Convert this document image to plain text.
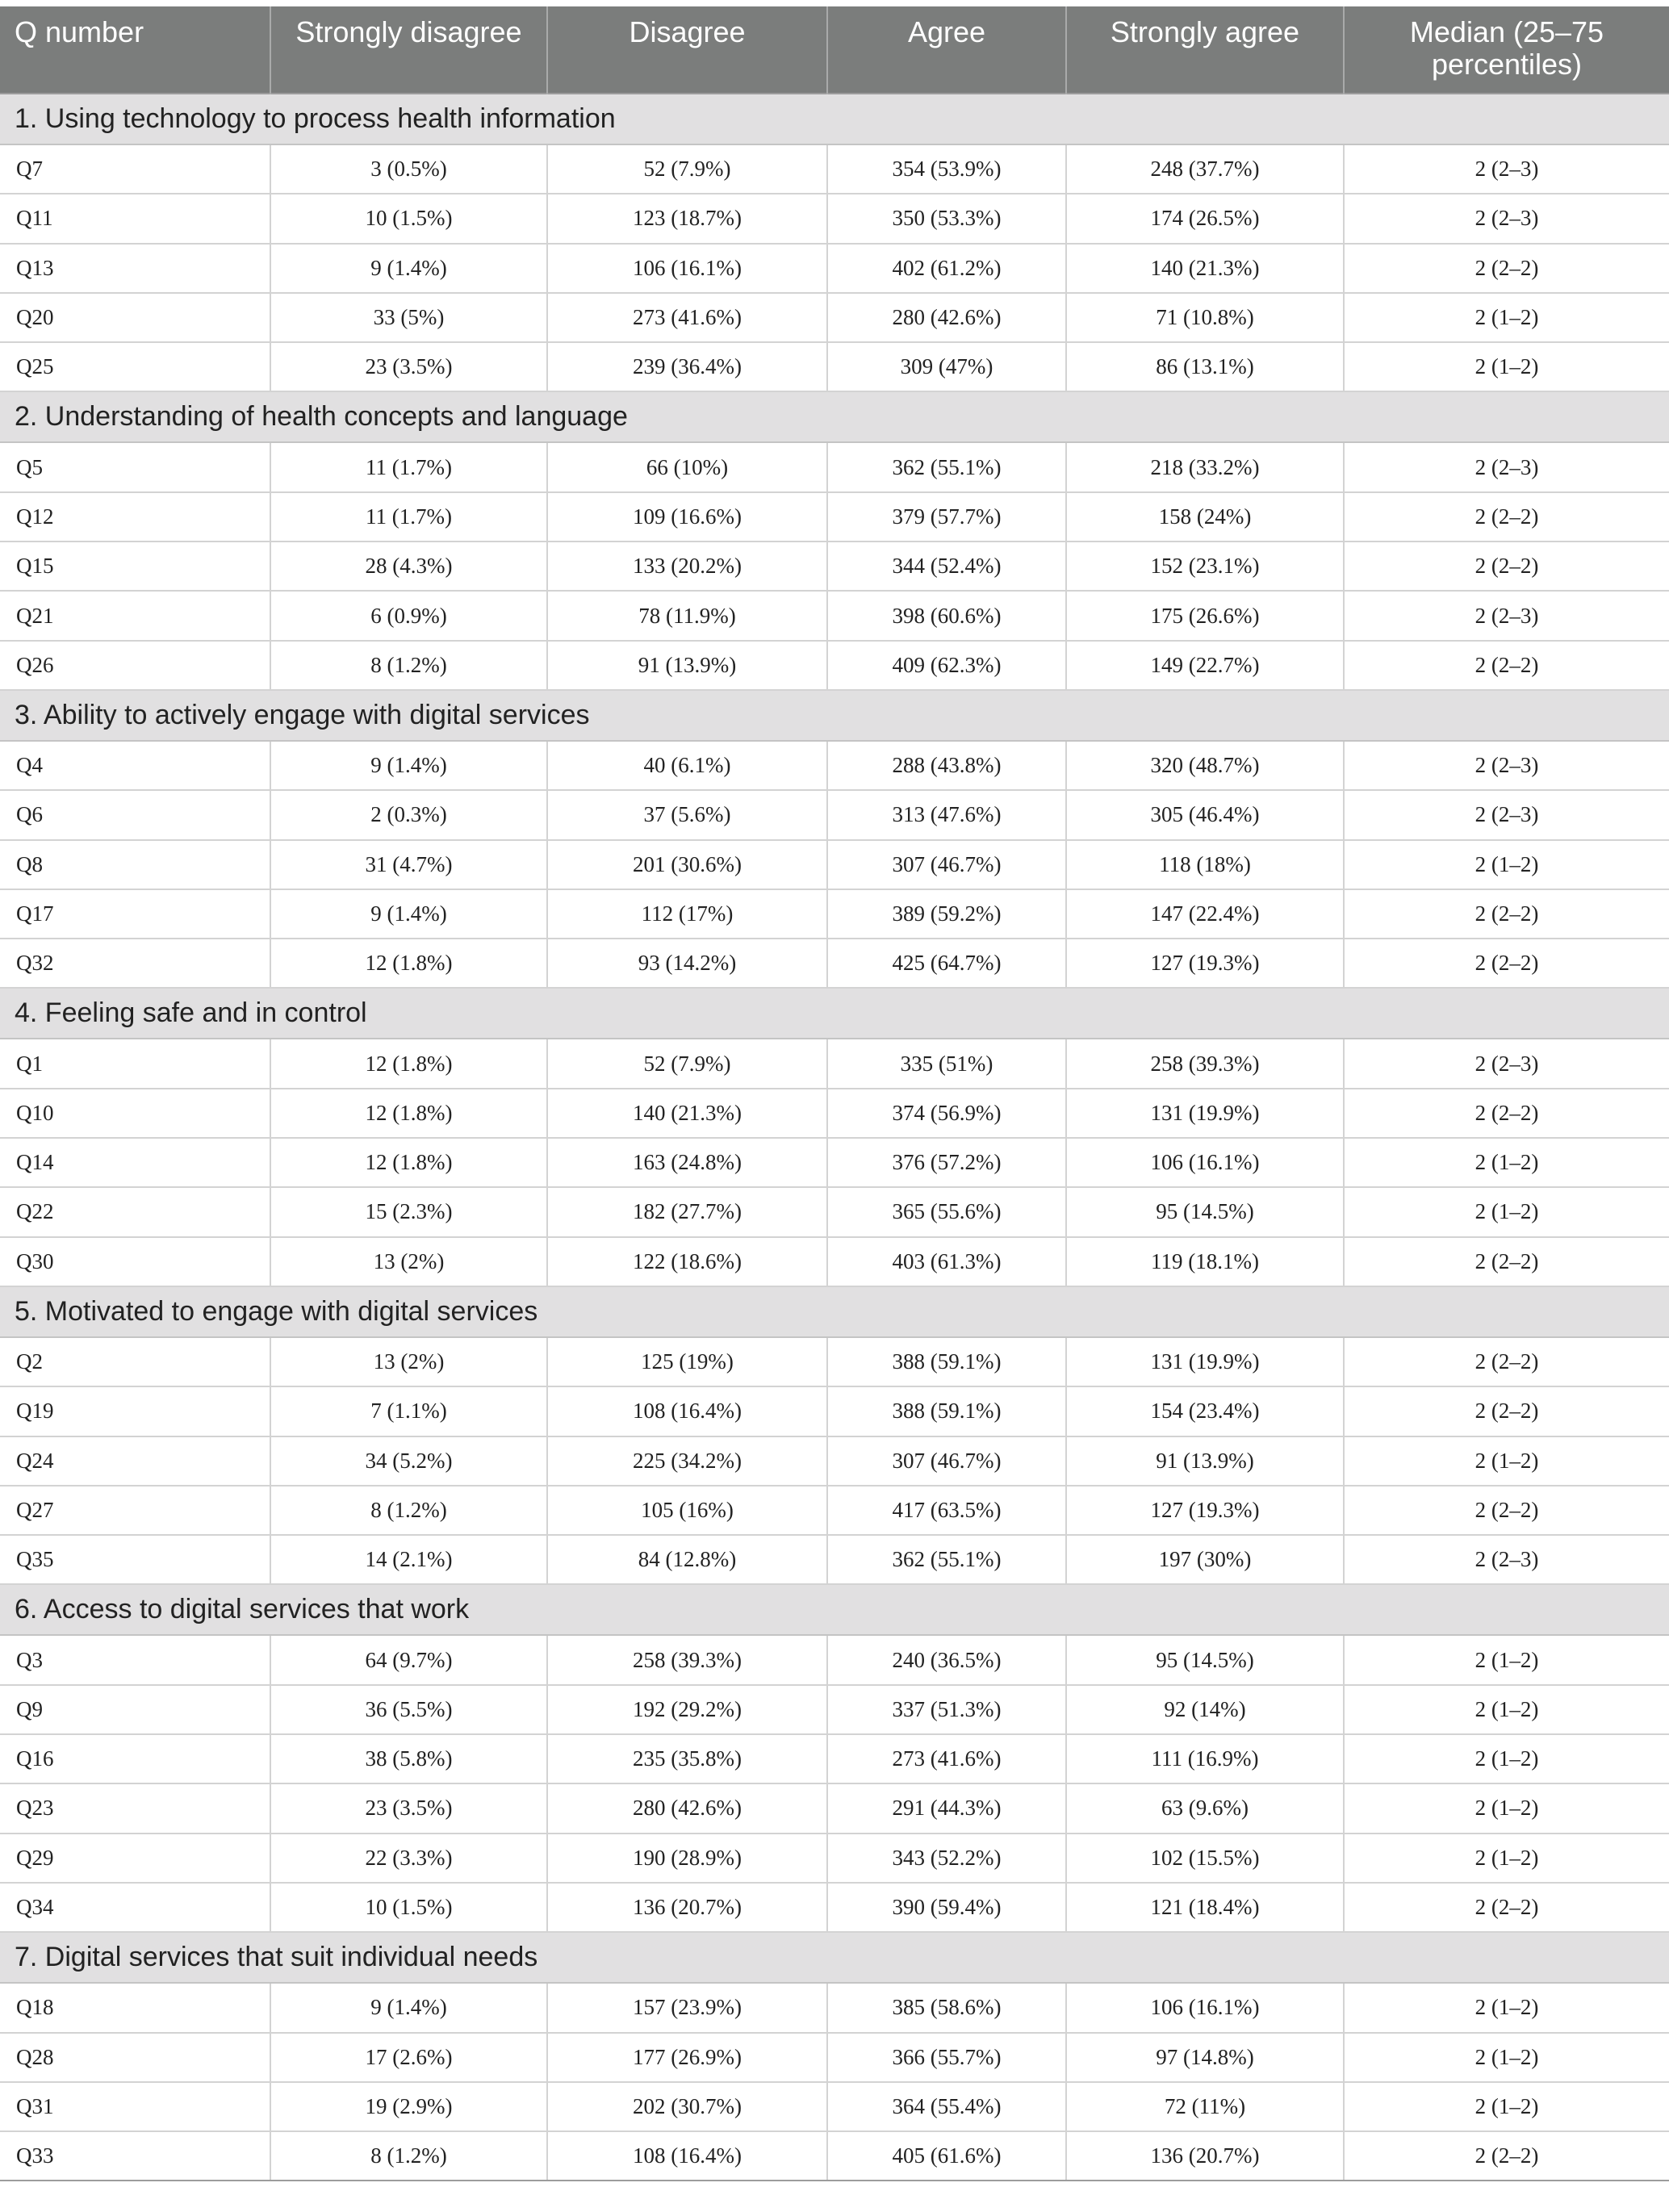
Q number	Strongly disagree	Disagree	Agree	Strongly agree	Median (25–75 percentiles)
1. Using technology to process health information					
Q7	3 (0.5%)	52 (7.9%)	354 (53.9%)	248 (37.7%)	2 (2–3)
Q11	10 (1.5%)	123 (18.7%)	350 (53.3%)	174 (26.5%)	2 (2–3)
Q13	9 (1.4%)	106 (16.1%)	402 (61.2%)	140 (21.3%)	2 (2–2)
Q20	33 (5%)	273 (41.6%)	280 (42.6%)	71 (10.8%)	2 (1–2)
Q25	23 (3.5%)	239 (36.4%)	309 (47%)	86 (13.1%)	2 (1–2)
2. Understanding of health concepts and language					
Q5	11 (1.7%)	66 (10%)	362 (55.1%)	218 (33.2%)	2 (2–3)
Q12	11 (1.7%)	109 (16.6%)	379 (57.7%)	158 (24%)	2 (2–2)
Q15	28 (4.3%)	133 (20.2%)	344 (52.4%)	152 (23.1%)	2 (2–2)
Q21	6 (0.9%)	78 (11.9%)	398 (60.6%)	175 (26.6%)	2 (2–3)
Q26	8 (1.2%)	91 (13.9%)	409 (62.3%)	149 (22.7%)	2 (2–2)
3. Ability to actively engage with digital services					
Q4	9 (1.4%)	40 (6.1%)	288 (43.8%)	320 (48.7%)	2 (2–3)
Q6	2 (0.3%)	37 (5.6%)	313 (47.6%)	305 (46.4%)	2 (2–3)
Q8	31 (4.7%)	201 (30.6%)	307 (46.7%)	118 (18%)	2 (1–2)
Q17	9 (1.4%)	112 (17%)	389 (59.2%)	147 (22.4%)	2 (2–2)
Q32	12 (1.8%)	93 (14.2%)	425 (64.7%)	127 (19.3%)	2 (2–2)
4. Feeling safe and in control					
Q1	12 (1.8%)	52 (7.9%)	335 (51%)	258 (39.3%)	2 (2–3)
Q10	12 (1.8%)	140 (21.3%)	374 (56.9%)	131 (19.9%)	2 (2–2)
Q14	12 (1.8%)	163 (24.8%)	376 (57.2%)	106 (16.1%)	2 (1–2)
Q22	15 (2.3%)	182 (27.7%)	365 (55.6%)	95 (14.5%)	2 (1–2)
Q30	13 (2%)	122 (18.6%)	403 (61.3%)	119 (18.1%)	2 (2–2)
5. Motivated to engage with digital services					
Q2	13 (2%)	125 (19%)	388 (59.1%)	131 (19.9%)	2 (2–2)
Q19	7 (1.1%)	108 (16.4%)	388 (59.1%)	154 (23.4%)	2 (2–2)
Q24	34 (5.2%)	225 (34.2%)	307 (46.7%)	91 (13.9%)	2 (1–2)
Q27	8 (1.2%)	105 (16%)	417 (63.5%)	127 (19.3%)	2 (2–2)
Q35	14 (2.1%)	84 (12.8%)	362 (55.1%)	197 (30%)	2 (2–3)
6. Access to digital services that work					
Q3	64 (9.7%)	258 (39.3%)	240 (36.5%)	95 (14.5%)	2 (1–2)
Q9	36 (5.5%)	192 (29.2%)	337 (51.3%)	92 (14%)	2 (1–2)
Q16	38 (5.8%)	235 (35.8%)	273 (41.6%)	111 (16.9%)	2 (1–2)
Q23	23 (3.5%)	280 (42.6%)	291 (44.3%)	63 (9.6%)	2 (1–2)
Q29	22 (3.3%)	190 (28.9%)	343 (52.2%)	102 (15.5%)	2 (1–2)
Q34	10 (1.5%)	136 (20.7%)	390 (59.4%)	121 (18.4%)	2 (2–2)
7. Digital services that suit individual needs					
Q18	9 (1.4%)	157 (23.9%)	385 (58.6%)	106 (16.1%)	2 (1–2)
Q28	17 (2.6%)	177 (26.9%)	366 (55.7%)	97 (14.8%)	2 (1–2)
Q31	19 (2.9%)	202 (30.7%)	364 (55.4%)	72 (11%)	2 (1–2)
Q33	8 (1.2%)	108 (16.4%)	405 (61.6%)	136 (20.7%)	2 (2–2)
